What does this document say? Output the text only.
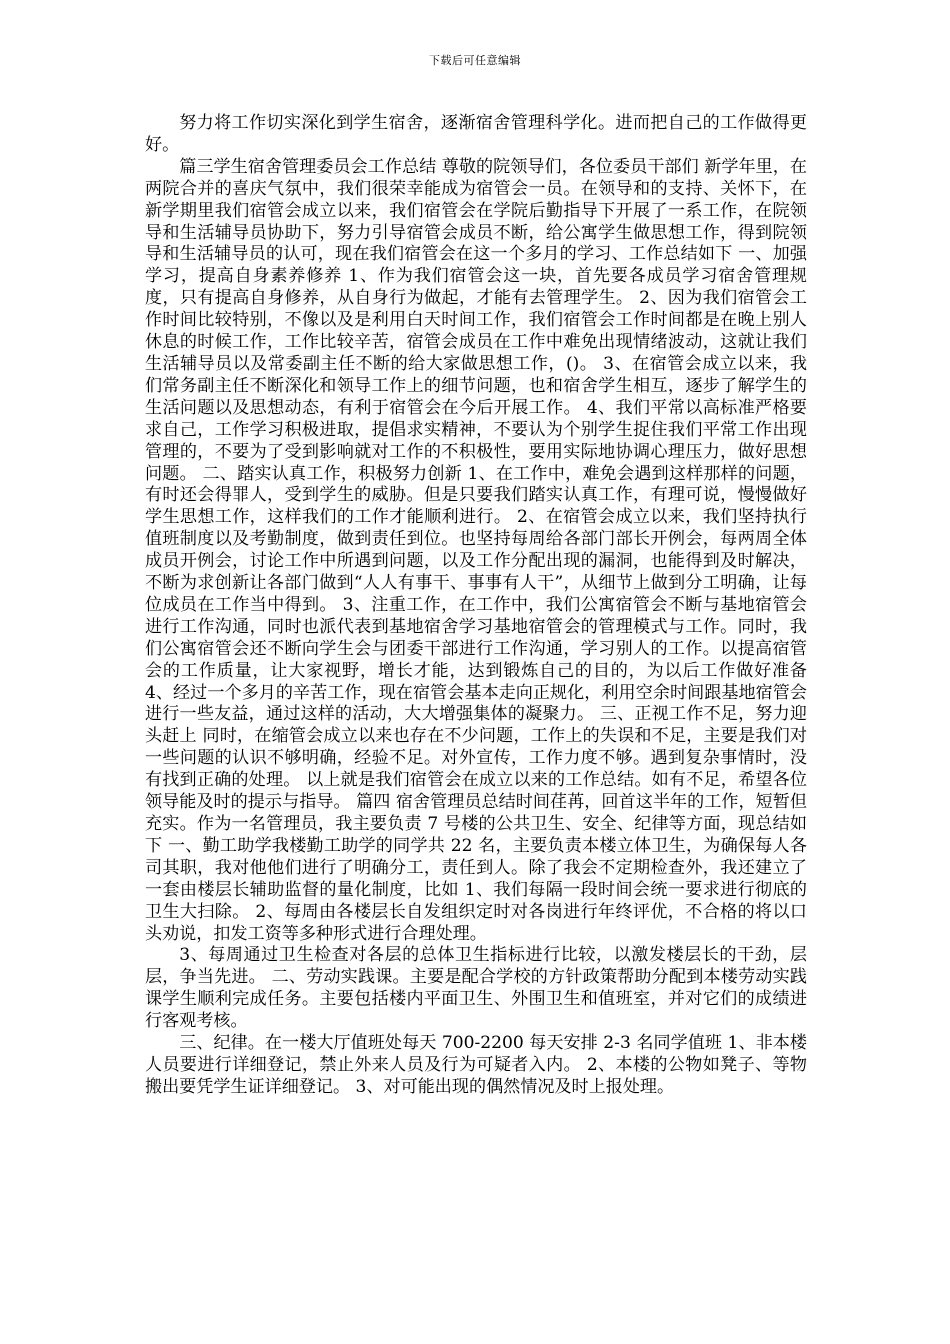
下载后可任意编辑

努力将工作切实深化到学生宿舍，逐渐宿舍管理科学化。进而把自己的工作做得更好。

篇三学生宿舍管理委员会工作总结 尊敬的院领导们，各位委员干部们 新学年里，在两院合并的喜庆气氛中，我们很荣幸能成为宿管会一员。在领导和的支持、关怀下，在新学期里我们宿管会成立以来，我们宿管会在学院后勤指导下开展了一系工作，在院领导和生活辅导员协助下，努力引导宿管会成员不断，给公寓学生做思想工作，得到院领导和生活辅导员的认可，现在我们宿管会在这一个多月的学习、工作总结如下 一、加强学习，提高自身素养修养 1、作为我们宿管会这一块，首先要各成员学习宿舍管理规度，只有提高自身修养，从自身行为做起，才能有去管理学生。 2、因为我们宿管会工作时间比较特别，不像以及是利用白天时间工作，我们宿管会工作时间都是在晚上别人休息的时候工作，工作比较辛苦，宿管会成员在工作中难免出现情绪波动，这就让我们生活辅导员以及常委副主任不断的给大家做思想工作，()。 3、在宿管会成立以来，我们常务副主任不断深化和领导工作上的细节问题，也和宿舍学生相互，逐步了解学生的生活问题以及思想动态，有利于宿管会在今后开展工作。 4、我们平常以高标准严格要求自己，工作学习积极进取，提倡求实精神，不要认为个别学生捉住我们平常工作出现管理的，不要为了受到影响就对工作的不积极性，要用实际地协调心理压力，做好思想问题。 二、踏实认真工作，积极努力创新 1、在工作中，难免会遇到这样那样的问题，有时还会得罪人，受到学生的威胁。但是只要我们踏实认真工作，有理可说，慢慢做好学生思想工作，这样我们的工作才能顺利进行。 2、在宿管会成立以来，我们坚持执行值班制度以及考勤制度，做到责任到位。也坚持每周给各部门部长开例会，每两周全体成员开例会，讨论工作中所遇到问题，以及工作分配出现的漏洞，也能得到及时解决，不断为求创新让各部门做到“人人有事干、事事有人干”，从细节上做到分工明确，让每位成员在工作当中得到。 3、注重工作，在工作中，我们公寓宿管会不断与基地宿管会进行工作沟通，同时也派代表到基地宿舍学习基地宿管会的管理模式与工作。同时，我们公寓宿管会还不断向学生会与团委干部进行工作沟通，学习别人的工作。以提高宿管会的工作质量，让大家视野，增长才能，达到锻炼自己的目的，为以后工作做好准备 4、经过一个多月的辛苦工作，现在宿管会基本走向正规化，利用空余时间跟基地宿管会进行一些友益，通过这样的活动，大大增强集体的凝聚力。 三、正视工作不足，努力迎头赶上 同时，在缩管会成立以来也存在不少问题，工作上的失误和不足，主要是我们对一些问题的认识不够明确，经验不足。对外宣传，工作力度不够。遇到复杂事情时，没有找到正确的处理。 以上就是我们宿管会在成立以来的工作总结。如有不足，希望各位领导能及时的提示与指导。 篇四 宿舍管理员总结时间荏苒，回首这半年的工作，短暂但充实。作为一名管理员，我主要负责 7 号楼的公共卫生、安全、纪律等方面，现总结如下 一、勤工助学我楼勤工助学的同学共 22 名，主要负责本楼立体卫生，为确保每人各司其职，我对他他们进行了明确分工，责任到人。除了我会不定期检查外，我还建立了一套由楼层长辅助监督的量化制度，比如 1、我们每隔一段时间会统一要求进行彻底的卫生大扫除。 2、每周由各楼层长自发组织定时对各岗进行年终评优，不合格的将以口头劝说，扣发工资等多种形式进行合理处理。

3、每周通过卫生检查对各层的总体卫生指标进行比较，以激发楼层长的干劲，层层，争当先进。 二、劳动实践课。主要是配合学校的方针政策帮助分配到本楼劳动实践课学生顺利完成任务。主要包括楼内平面卫生、外围卫生和值班室，并对它们的成绩进行客观考核。

三、纪律。在一楼大厅值班处每天 700-2200 每天安排 2-3 名同学值班 1、非本楼人员要进行详细登记，禁止外来人员及行为可疑者入内。 2、本楼的公物如凳子、等物搬出要凭学生证详细登记。 3、对可能出现的偶然情况及时上报处理。
